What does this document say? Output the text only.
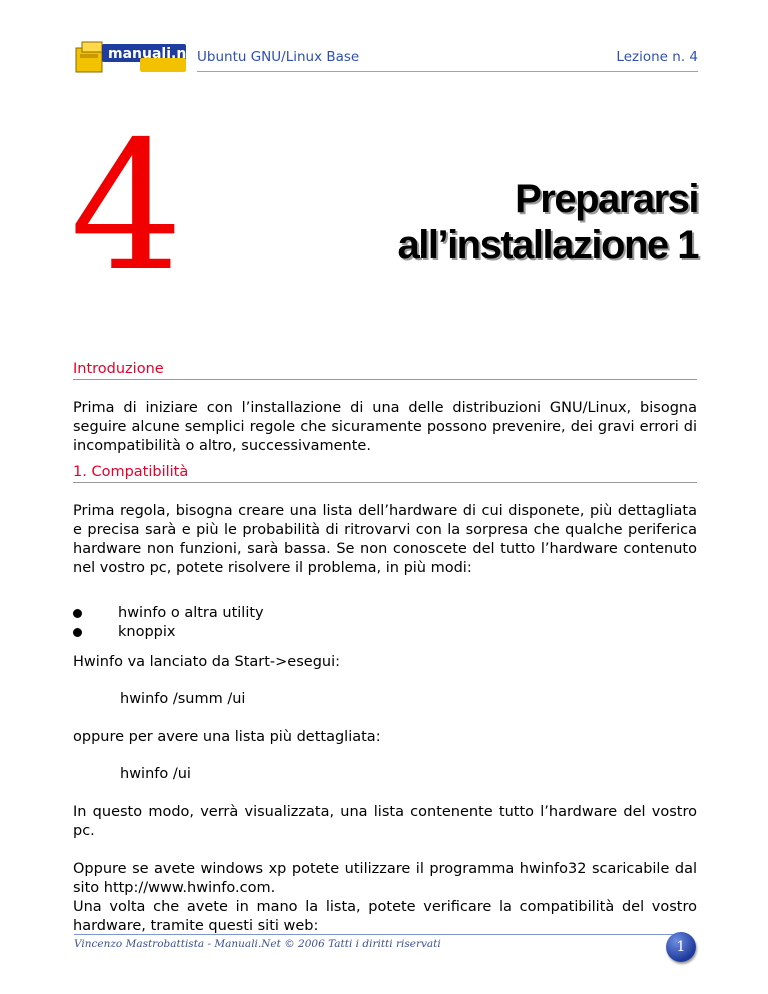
manuali.net
Ubuntu GNU/Linux Base	Lezione n. 4
4	Prepararsi
all’installazione 1
Introduzione
Prima di iniziare con l’installazione di una delle distribuzioni GNU/Linux, bisogna seguire alcune semplici regole che sicuramente possono prevenire, dei gravi errori di incompatibilità o altro, successivamente.
1. Compatibilità
Prima regola, bisogna creare una lista dell’hardware di cui disponete, più dettagliata e precisa sarà e più le probabilità di ritrovarvi con la sorpresa che qualche periferica hardware non funzioni, sarà bassa. Se non conoscete del tutto l’hardware contenuto nel vostro pc, potete risolvere il problema, in più modi:
hwinfo o altra utility
knoppix
Hwinfo va lanciato da Start->esegui:
hwinfo /summ /ui
oppure per avere una lista più dettagliata:
hwinfo /ui
In questo modo, verrà visualizzata, una lista contenente tutto l’hardware del vostro pc.
Oppure se avete windows xp potete utilizzare il programma hwinfo32 scaricabile dal sito http://www.hwinfo.com.
Una volta che avete in mano la lista, potete verificare la compatibilità del vostro hardware, tramite questi siti web:
Vincenzo Mastrobattista - Manuali.Net © 2006 Tatti i diritti riservati	1
